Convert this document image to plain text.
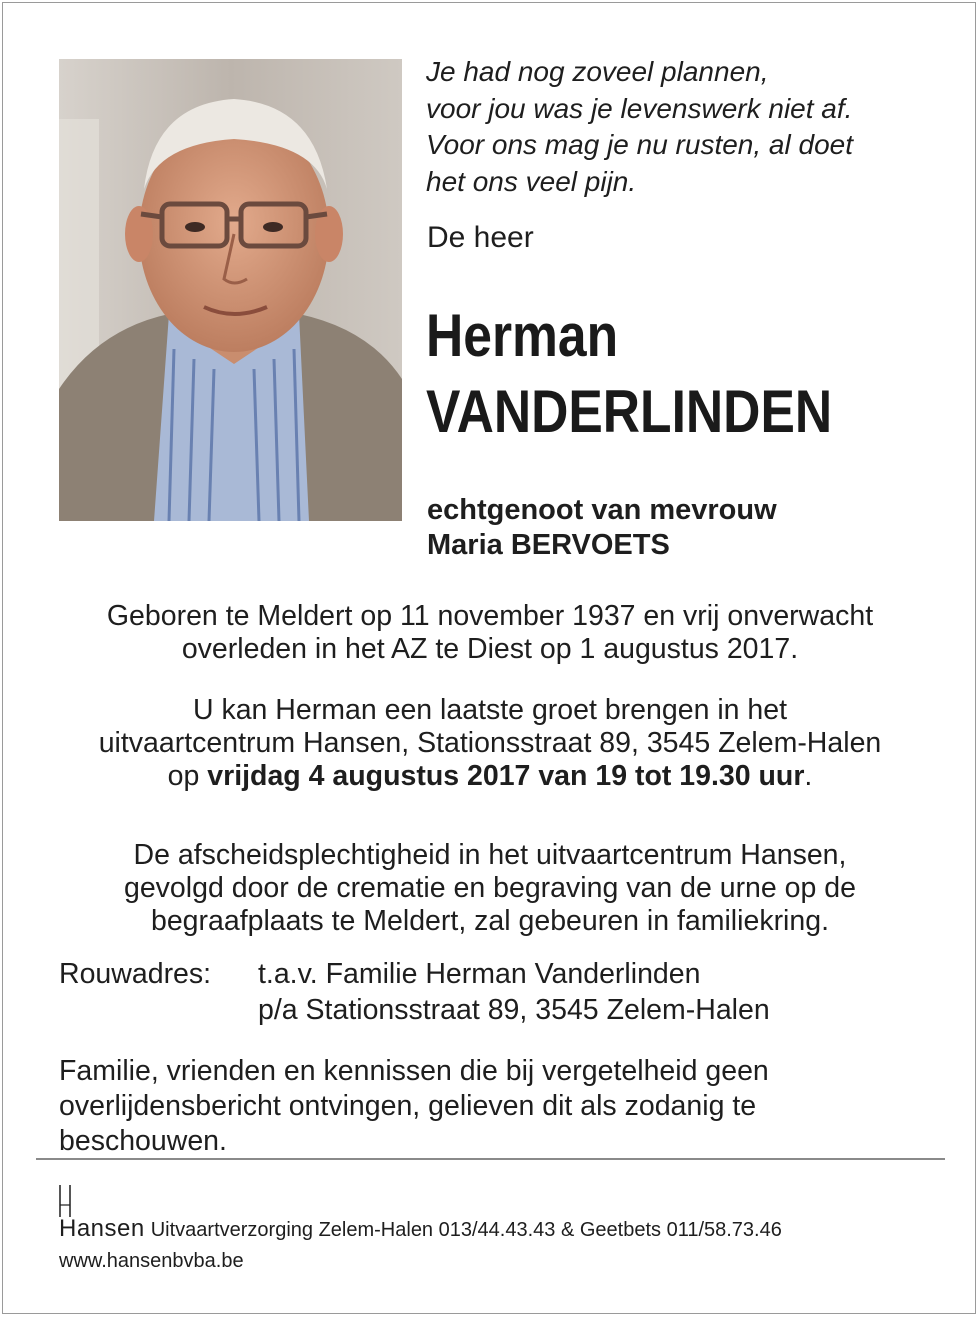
Je had nog zoveel plannen,
voor jou was je levenswerk niet af.
Voor ons mag je nu rusten, al doet
het ons veel pijn.
De heer
Herman
VANDERLINDEN
echtgenoot van mevrouw
Maria BERVOETS
Geboren te Meldert op 11 november 1937 en vrij onverwacht
overleden in het AZ te Diest op 1 augustus 2017.
U kan Herman een laatste groet brengen in het
uitvaartcentrum Hansen, Stationsstraat 89, 3545 Zelem-Halen
op vrijdag 4 augustus 2017 van 19 tot 19.30 uur.
De afscheidsplechtigheid in het uitvaartcentrum Hansen,
gevolgd door de crematie en begraving van de urne op de
begraafplaats te Meldert, zal gebeuren in familiekring.
Rouwadres: t.a.v. Familie Herman Vanderlinden
p/a Stationsstraat 89, 3545 Zelem-Halen
Familie, vrienden en kennissen die bij vergetelheid geen
overlijdensbericht ontvingen, gelieven dit als zodanig te
beschouwen.
Hansen Uitvaartverzorging Zelem-Halen 013/44.43.43 & Geetbets 011/58.73.46
www.hansenbvba.be
